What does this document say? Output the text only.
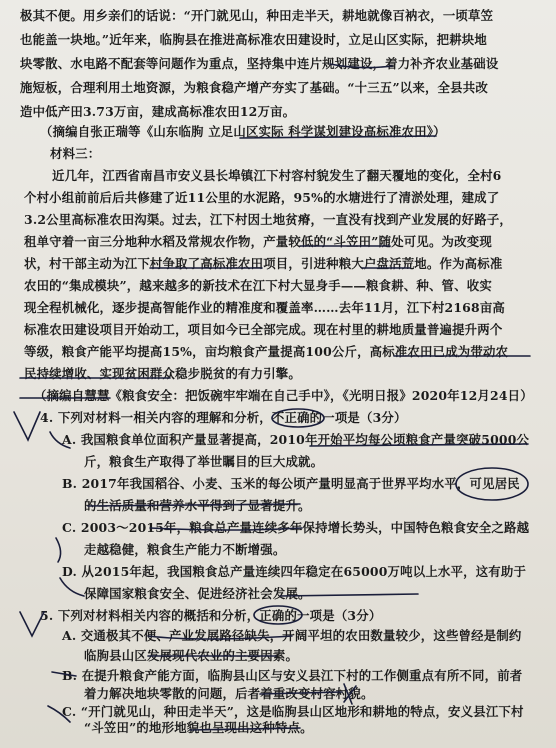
极其不便。用乡亲们的话说：“开门就见山，种田走半天，耕地就像百衲衣，一顷草笠
也能盖一块地。”近年来，临朐县在推进高标准农田建设时，立足山区实际，把耕块地
块零散、水电路不配套等问题作为重点，坚持集中连片规划建设，着力补齐农业基础设
施短板，合理利用土地资源，为粮食稳产增产夯实了基础。“十三五”以来，全县共改
造中低产田3.73万亩，建成高标准农田12万亩。
（摘编自张正瑞等《山东临朐 立足山区实际 科学谋划建设高标准农田》）
材料三：
近几年，江西省南昌市安义县长埠镇江下村容村貌发生了翻天覆地的变化，全村6
个村小组前前后后共修建了近11公里的水泥路，95%的水塘进行了清淤处理，建成了
3.2公里高标准农田沟渠。过去，江下村因土地贫瘠，一直没有找到产业发展的好路子，
租单守着一亩三分地种水稻及常规农作物，产量较低的“斗笠田”随处可见。为改变现
状，村干部主动为江下村争取了高标准农田项目，引进种粮大户盘活荒地。作为高标准
农田的“集成模块”，越来越多的新技术在江下村大显身手——粮食耕、种、管、收实
现全程机械化，逐步提高智能作业的精准度和覆盖率……去年11月，江下村2168亩高
标准农田建设项目开始动工，项目如今已全部完成。现在村里的耕地质量普遍提升两个
等级，粮食产能平均提高15%，亩均粮食产量提高100公斤，高标准农田已成为带动农
民持续增收、实现贫困群众稳步脱贫的有力引擎。
（摘编自慧慧《粮食安全：把饭碗牢牢端在自己手中》，《光明日报》2020年12月24日）
4. 下列对材料一相关内容的理解和分析，不正确的一项是（3分）
A. 我国粮食单位面积产量显著提高，2010年开始平均每公顷粮食产量突破5000公
斤，粮食生产取得了举世瞩目的巨大成就。
B. 2017年我国稻谷、小麦、玉米的每公顷产量明显高于世界平均水平，可见居民
的生活质量和营养水平得到了显著提升。
C. 2003～2015年，粮食总产量连续多年保持增长势头，中国特色粮食安全之路越
走越稳健，粮食生产能力不断增强。
D. 从2015年起，我国粮食总产量连续四年稳定在65000万吨以上水平，这有助于
保障国家粮食安全、促进经济社会发展。
5. 下列对材料相关内容的概括和分析，正确的一项是（3分）
A. 交通极其不便、产业发展路径缺失，开阔平坦的农田数量较少，这些曾经是制约
临朐县山区发展现代农业的主要因素。
B. 在提升粮食产能方面，临朐县山区与安义县江下村的工作侧重点有所不同，前者
着力解决地块零散的问题，后者着重改变村容村貌。
C. “开门就见山，种田走半天”，这是临朐县山区地形和耕地的特点，安义县江下村
“斗笠田”的地形地貌也呈现出这种特点。
